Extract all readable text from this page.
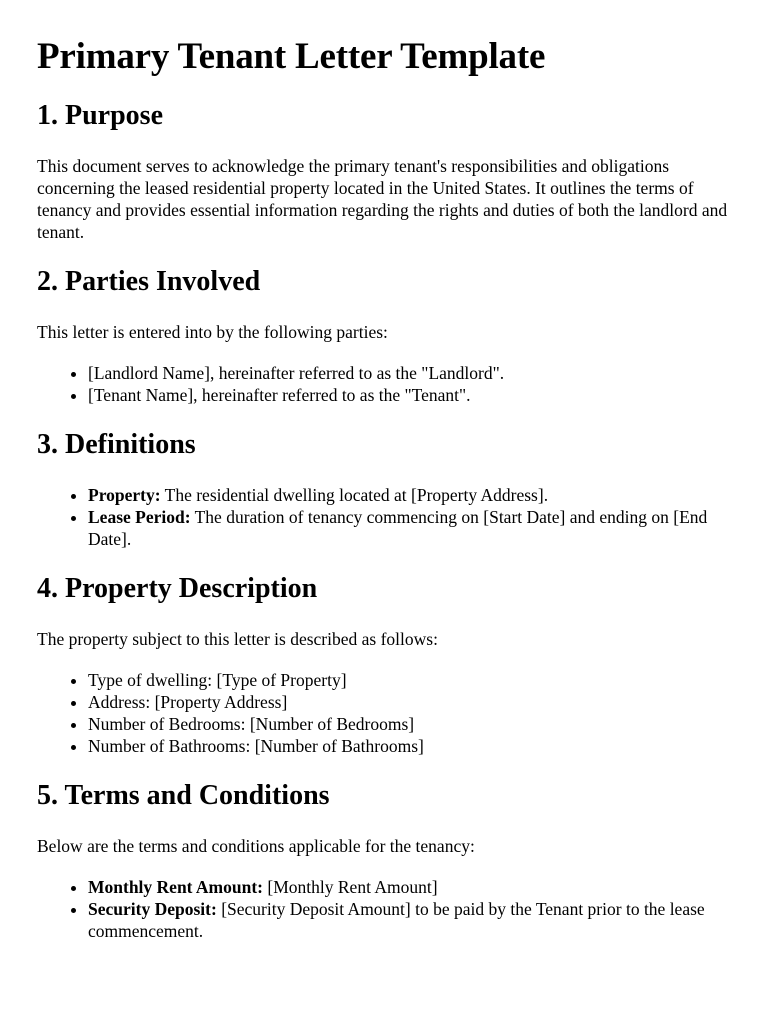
Primary Tenant Letter Template
1. Purpose

This document serves to acknowledge the primary tenant's responsibilities and obligations concerning the leased residential property located in the United States. It outlines the terms of tenancy and provides essential information regarding the rights and duties of both the landlord and tenant.

2. Parties Involved

This letter is entered into by the following parties:

• [Landlord Name], hereinafter referred to as the "Landlord".
• [Tenant Name], hereinafter referred to as the "Tenant".
3. Definitions
• Property: The residential dwelling located at [Property Address].
• Lease Period: The duration of tenancy commencing on [Start Date] and ending on [End Date].
4. Property Description

The property subject to this letter is described as follows:

• Type of dwelling: [Type of Property]
• Address: [Property Address]
• Number of Bedrooms: [Number of Bedrooms]
• Number of Bathrooms: [Number of Bathrooms]
5. Terms and Conditions

Below are the terms and conditions applicable for the tenancy:

• Monthly Rent Amount: [Monthly Rent Amount]
• Security Deposit: [Security Deposit Amount] to be paid by the Tenant prior to the lease commencement.
